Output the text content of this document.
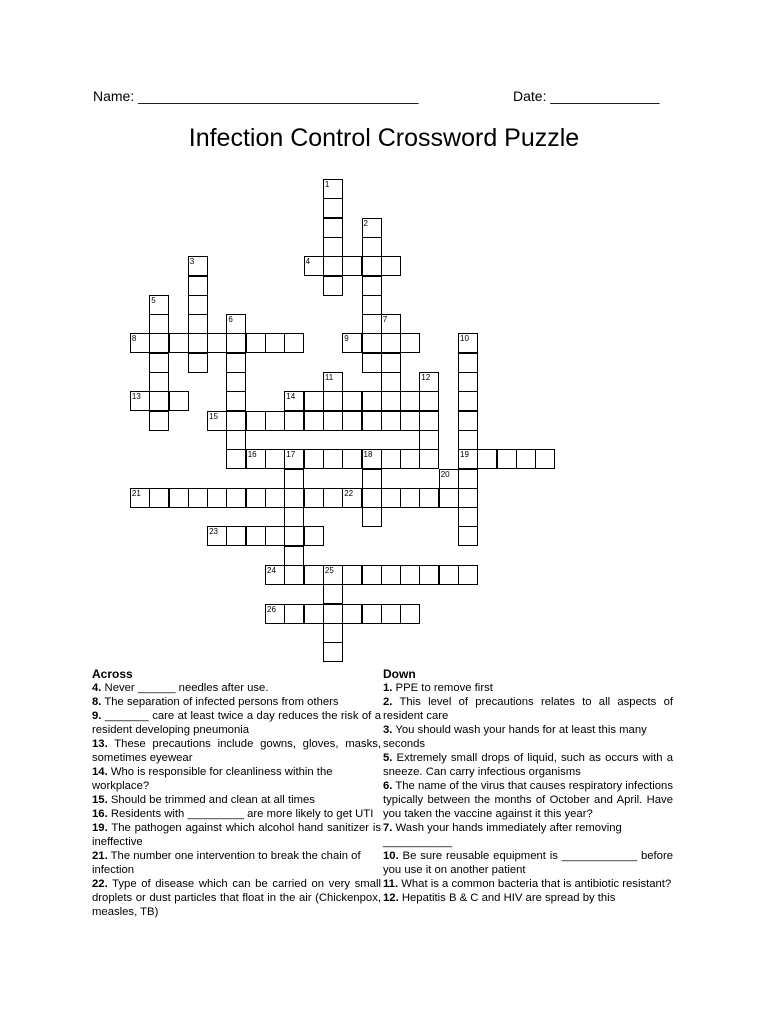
Name: ____________________________________	Date: ______________
Infection Control Crossword Puzzle
1
2
3	4
5
6	7
8	9	10
19
11	12
13	14
15
16	17	18
20
21	22
23
24	25
26
Across
4. Never ______ needles after use.
8. The separation of infected persons from others
9. _______ care at least twice a day reduces the risk of a resident developing pneumonia
13. These precautions include gowns, gloves, masks, sometimes eyewear
14. Who is responsible for cleanliness within the workplace?
15. Should be trimmed and clean at all times
16. Residents with _________ are more likely to get UTI
19. The pathogen against which alcohol hand sanitizer is ineffective
21. The number one intervention to break the chain of infection
22. Type of disease which can be carried on very small droplets or dust particles that float in the air (Chickenpox, measles, TB)
Down
1. PPE to remove first
2. This level of precautions relates to all aspects of resident care
3. You should wash your hands for at least this many seconds
5. Extremely small drops of liquid, such as occurs with a sneeze. Can carry infectious organisms
6. The name of the virus that causes respiratory infections typically between the months of October and April. Have you taken the vaccine against it this year?
7. Wash your hands immediately after removing ___________
10. Be sure reusable equipment is ____________ before you use it on another patient
11. What is a common bacteria that is antibiotic resistant?
12. Hepatitis B & C and HIV are spread by this
